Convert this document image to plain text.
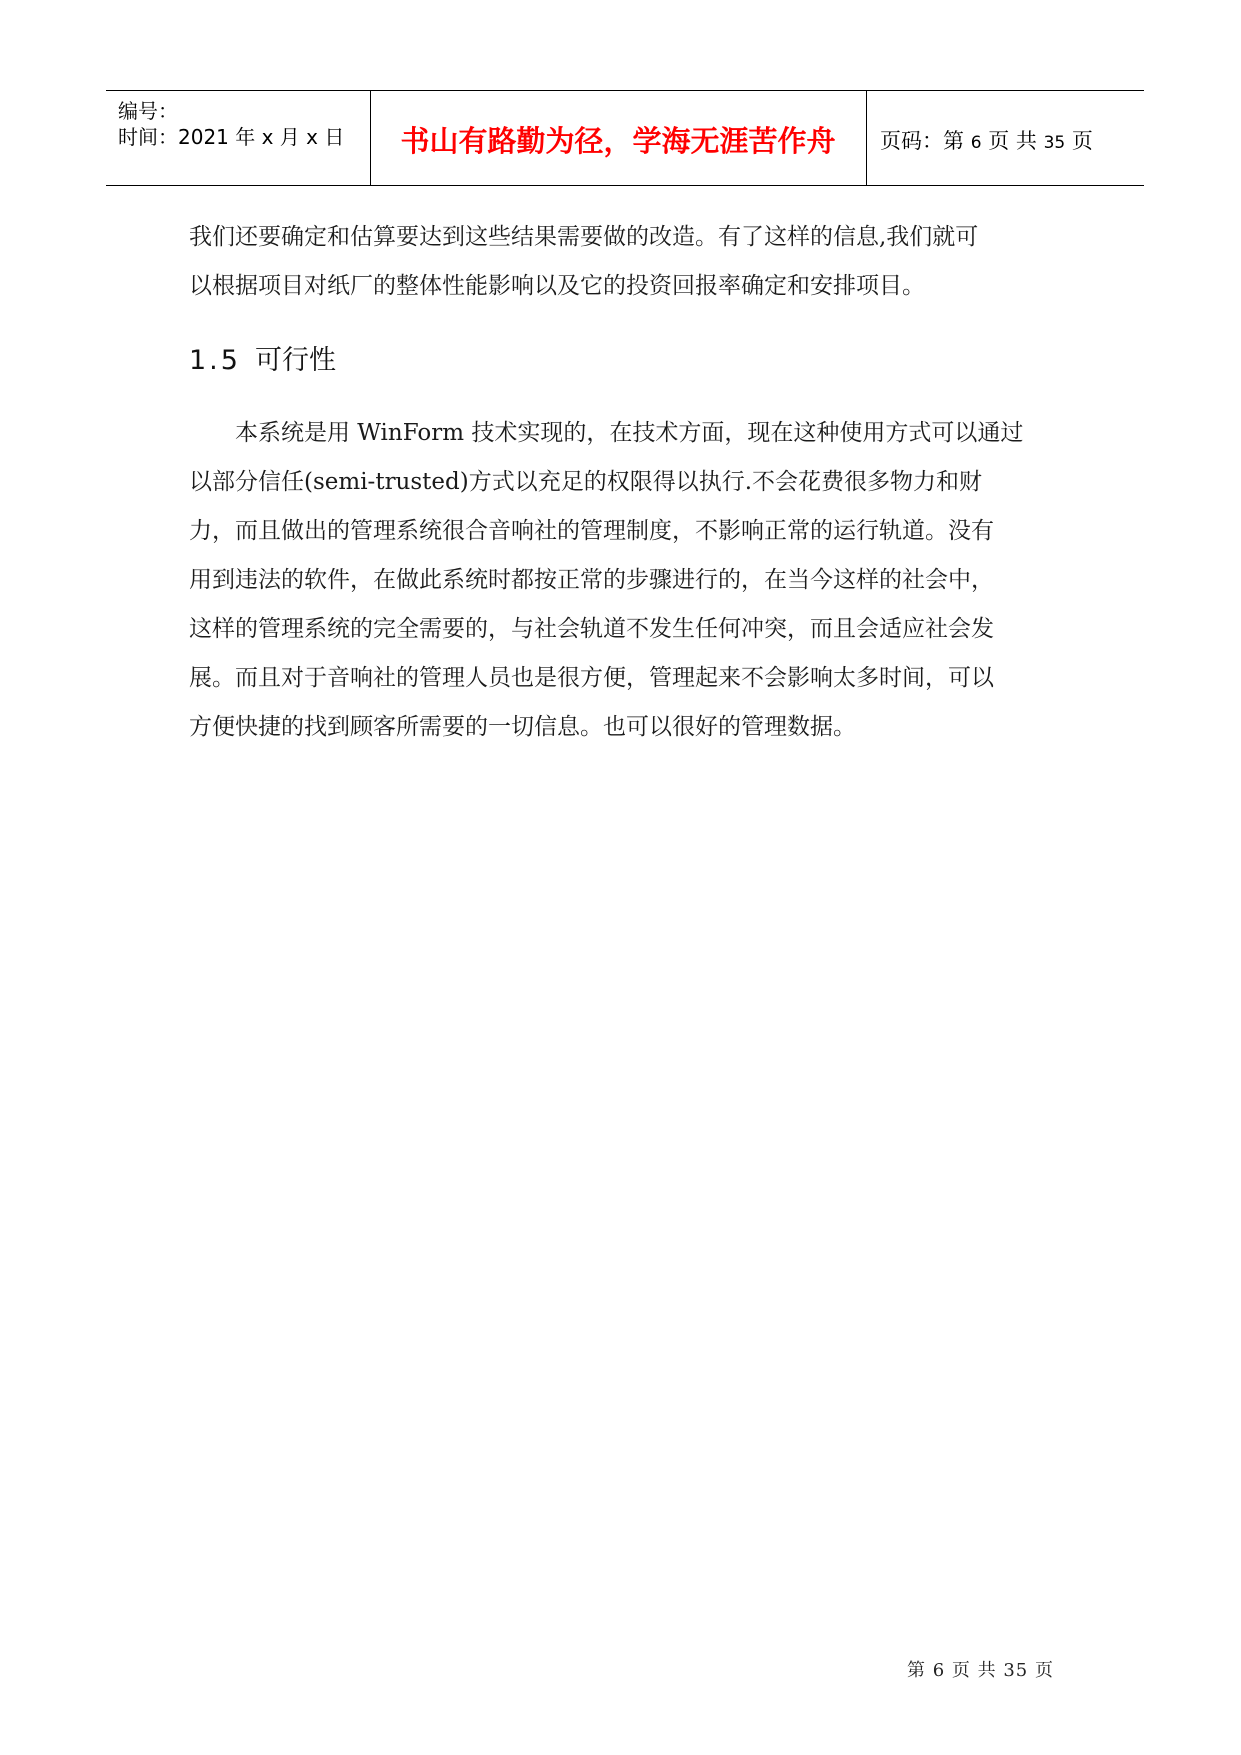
编号：
时间：2021 年 x 月 x 日	书山有路勤为径，学海无涯苦作舟	页码：第 6 页 共 35 页
我们还要确定和估算要达到这些结果需要做的改造。有了这样的信息,我们就可
以根据项目对纸厂的整体性能影响以及它的投资回报率确定和安排项目。
1.5 可行性
本系统是用 WinForm 技术实现的，在技术方面，现在这种使用方式可以通过
以部分信任(semi-trusted)方式以充足的权限得以执行.不会花费很多物力和财
力，而且做出的管理系统很合音响社的管理制度，不影响正常的运行轨道。没有
用到违法的软件，在做此系统时都按正常的步骤进行的，在当今这样的社会中，
这样的管理系统的完全需要的，与社会轨道不发生任何冲突，而且会适应社会发
展。而且对于音响社的管理人员也是很方便，管理起来不会影响太多时间，可以
方便快捷的找到顾客所需要的一切信息。也可以很好的管理数据。
第 6 页 共 35 页
